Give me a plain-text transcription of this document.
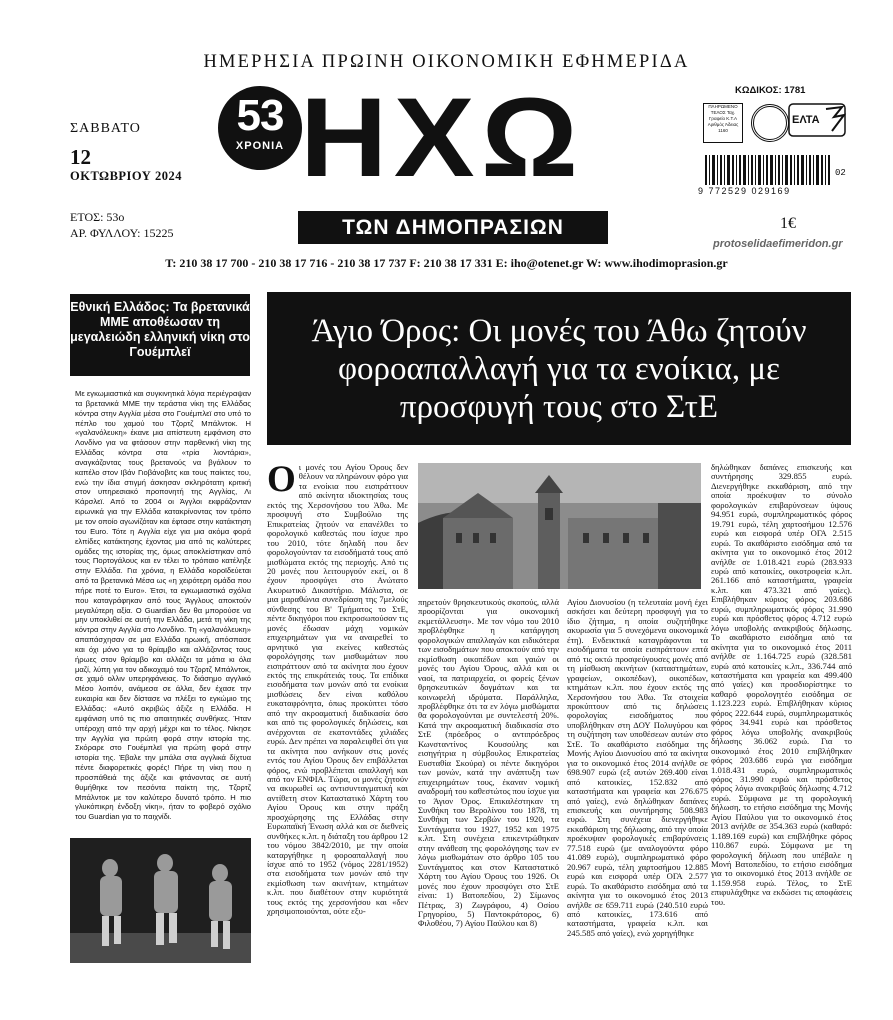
ΗΜΕΡΗΣΙΑ ΠΡΩΙΝΗ ΟΙΚΟΝΟΜΙΚΗ ΕΦΗΜΕΡΙΔΑ
ΣΑΒΒΑΤΟ
12
ΟΚΤΩΒΡΙΟΥ 2024
ΕΤΟΣ: 53ο
ΑΡ. ΦΥΛΛΟΥ: 15225
53
ΧΡΟΝΙΑ ΗΧΩ
ΤΩΝ ΔΗΜΟΠΡΑΣΙΩΝ
ΚΩΔΙΚΟΣ: 1781
ΠΛΗΡΩΜΕΝΟ ΤΕΛΟΣ Ταχ. Γραφείο Κ.Τ.Α Αριθμός Άδειας 1160
ΕΛΤΑ
02
9 772529 029169
1€
protoselidaefimeridon.gr
T: 210 38 17 700 - 210 38 17 716 - 210 38 17 737 F: 210 38 17 331 E: iho@otenet.gr W: www.ihodimoprasion.gr
Εθνική Ελλάδος: Τα βρετανικά ΜΜΕ αποθέωσαν τη μεγαλειώδη ελληνική νίκη στο Γουέμπλεϊ
Με εγκωμιαστικά και συγκινητικά λόγια περιέγραψαν τα βρετανικά ΜΜΕ την τεράστια νίκη της Ελλάδας κόντρα στην Αγγλία μέσα στο Γουέμπλεϊ στο υπό το πέπλο του χαμού του Τζορτζ Μπάλντοκ. Η «γαλανόλευκη» έκανε μια απίστευτη εμφάνιση στο Λονδίνο για να φτάσουν στην παρθενική νίκη της Ελλάδας κόντρα στα «τρία λιοντάρια», αναγκάζοντας τους βρετανούς να βγάλουν το καπέλο στον Ιβάν Γιοβάνοβιτς και τους παίκτες του, ενώ την ίδια στιγμή άσκησαν σκληρότατη κριτική στον υπηρεσιακό προπονητή της Αγγλίας, Λι Κάρσλεϊ. Από το 2004 οι Άγγλοι εκφράζονταν ειρωνικά για την Ελλάδα κατακρίνοντας τον τρόπο με τον οποίο αγωνίζόταν και έφτασε στην κατάκτηση του Euro. Τότε η Αγγλία είχε για μια ακόμα φορά ελπίδες κατάκτησης έχοντας μια από τις καλύτερες ομάδες της ιστορίας της, όμως αποκλείστηκαν από τους Πορτογάλους και εν τέλει το τρόπαιο κατέληξε στην Ελλάδα. Για χρόνια, η Ελλάδα κοροϊδεύεται από τα βρετανικά Μέσα ως «η χειρότερη ομάδα που πήρε ποτέ το Euro». Έτσι, τα εγκωμιαστικά σχόλια που καταγράφηκαν από τους Άγγλους αποκτούν μεγαλύτερη αξία. Ο Guardian δεν θα μπορούσε να μην υποκλιθεί σε αυτή την Ελλάδα, μετά τη νίκη της κόντρα στην Αγγλία στο Λονδίνο. Τη «γαλανόλευκη» απαπάσχησαν σε μια Ελλάδα ηρωική, απόσπασε και όχι μόνο για το θρίαμβο και αλλάζοντας τους ήρωες στον θρίαμβο και αλλάζει τα μάτια κι όλα μαζί, λύπη για τον αδικοχαμό του Τζορτζ Μπάλντοκ, σε χαμό ολλιν υπερηφάνειας. Το διάσημο αγγλικό Μέσο λοιπόν, ανάμεσα σε άλλα, δεν έχασε την ευκαιρία και δεν δίστασε να πλέξει το εγκώμιο της Ελλάδας: «Αυτό ακριβώς άξιζε η Ελλάδα. Η εμφάνιση υπό τις πιο απαιτητικές συνθήκες. Ήταν υπέροχη από την αρχή μέχρι και το τέλος. Νίκησε την Αγγλία για πρώτη φορά στην ιστορία της. Σκόραρε στο Γουέμπλεϊ για πρώτη φορά στην ιστορία της. Έβαλε την μπάλα στα αγγλικά δίχτυα πέντε διαφορετικές φορές! Πήρε τη νίκη που η προσπάθειά της άξιζε και φτάνοντας σε αυτή θυμήθηκε τον πεσόντα παίκτη της, Τζορτζ Μπάλντοκ με τον καλύτερο δυνατό τρόπο. Η πιο γλυκόπικρη ένδοξη νίκη», ήταν το φοβερό σχόλιο του Guardian για το παιχνίδι.
Άγιο Όρος: Οι μονές του Άθω ζητούν φοροαπαλλαγή για τα ενοίκια, με προσφυγή τους στο ΣτΕ
Οι μονές του Αγίου Όρους δεν θέλουν να πληρώνουν φόρο για τα ενοίκια που εισπράττουν από ακίνητα ιδιοκτησίας τους εκτός της Χερσονήσου του Άθω. Με προσφυγή στο Συμβούλιο της Επικρατείας ζητούν να επανέλθει το φορολογικό καθεστώς που ίσχυε προ του 2010, τότε δηλαδή που δεν φορολογούνταν τα εισοδήματά τους από μισθώματα εκτός της περιοχής. Από τις 20 μονές που λειτουργούν εκεί, οι 8 έχουν προσφύγει στο Ανώτατο Ακυρωτικό Δικαστήριο. Μάλιστα, σε μια μαραθώνια συνεδρίαση της 7μελούς σύνθεσης του Β' Τμήματος το ΣτΕ, πέντε δικηγόροι που εκπροσωπούσαν τις μονές έδωσαν μάχη νομικών επιχειρημάτων για να αναιρεθεί το αρνητικό για εκείνες καθεστώς φορολόγησης των μισθωμάτων που εισπράττουν από τα ακίνητα που έχουν εκτός της επικράτειάς τους. Τα επίδικα εισοδήματα των μονών από τα ενοίκια μισθώσεις δεν είναι καθόλου ευκαταφρόνητα, όπως προκύπτει τόσο από την ακροαματική διαδικασία όσο και από τις φορολογικές δηλώσεις, και ανέρχονται σε εκατοντάδες χιλιάδες ευρώ. Δεν πρέπει να παραλειφθεί ότι για τα ακίνητα που ανήκουν στις μονές εντός του Αγίου Όρους δεν επιβάλλεται φόρος, ενώ προβλέπεται απαλλαγή και από τον ΕΝΦΙΑ. Τώρα, οι μονές ζητούν να ακυρωθεί ως αντισυνταγματική και αντίθετη στον Καταστατικό Χάρτη του Αγίου Όρους και στην πράξη προσχώρησης της Ελλάδας στην Ευρωπαϊκή Ένωση αλλά και σε διεθνείς συνθήκες κ.λπ. η διάταξη του άρθρου 12 του νόμου 3842/2010, με την οποία καταργήθηκε η φοροαπαλλαγή που ίσχυε από το 1952 (νόμος 2281/1952) στα εισοδήματα των μονών από την εκμίσθωση των ακινήτων, κτημάτων κ.λπ. που διαθέτουν στην κυριότητά τους εκτός της χερσονήσου και «δεν χρησιμοποιούνται, ούτε εξυ-
πηρετούν θρησκευτικούς σκοπούς, αλλά προορίζονται για οικονομική εκμετάλλευση». Με τον νόμο του 2010 προβλέφθηκε η κατάργηση φορολογικών απαλλαγών και ειδικότερα των εισοδημάτων που αποκτούν από την εκμίσθωση οικοπέδων και γαιών οι μονές του Αγίου Όρους, αλλά και οι ναοί, τα πατριαρχεία, οι φορείς ξένων θρησκευτικών δογμάτων και τα κοινωφελή ιδρύματα. Παράλληλα, προβλέφθηκε ότι τα εν λόγω μισθώματα θα φορολογούνται με συντελεστή 20%. Κατά την ακροαματική διαδικασία στο ΣτΕ (πρόεδρος ο αντιπρόεδρος Κωνσταντίνος Κουσούλης και εισηγήτρια η σύμβουλος Επικρατείας Ευσταθία Σκούρα) οι πέντε δικηγόροι των μονών, κατά την ανάπτυξη των επιχειρημάτων τους, έκαναν νομική αναδρομή του καθεστώτος που ίσχυε για το Άγιον Όρος. Επικαλέστηκαν τη Συνθήκη του Βερολίνου του 1878, τη Συνθήκη των Σερβών του 1920, τα Συντάγματα του 1927, 1952 και 1975 κ.λπ. Στη συνέχεια επικεντρώθηκαν στην ανάθεση της φορολόγησης των εν λόγω μισθωμάτων στο άρθρο 105 του Συντάγματος και στον Καταστατικό Χάρτη του Αγίου Όρους του 1926. Οι μονές που έχουν προσφύγει στο ΣτΕ είναι: 1) Βατοπεδίου, 2) Σίμωνος Πέτρας, 3) Ζωγράφου, 4) Οσίου Γρηγορίου, 5) Παντοκράτορος, 6) Φιλοθέου, 7) Αγίου Παύλου και 8)
Αγίου Διονυσίου (η τελευταία μονή έχει ασκήσει και δεύτερη προσφυγή για το ίδιο ζήτημα, η οποία συζητήθηκε ακυρωσία για 5 συνεχόμενα οικονομικά έτη). Ενδεικτικά καταγράφονται τα εισοδήματα τα οποία εισπράττουν επτά από τις οκτώ προσφεύγουσες μονές από τη μίσθωση ακινήτων (καταστημάτων, γραφείων, οικοπέδων), οικοπέδων, κτημάτων κ.λπ. που έχουν εκτός της Χερσονήσου του Άθω. Τα στοιχεία προκύπτουν από τις δηλώσεις φορολογίας εισοδήματος που υποβλήθηκαν στη ΔΟΥ Πολυγύρου και τη συζήτηση των υποθέσεων αυτών στο ΣτΕ. Το ακαθάριστο εισόδημα της Μονής Αγίου Διονυσίου από τα ακίνητα για το οικονομικό έτος 2014 ανήλθε σε 698.907 ευρώ (εξ αυτών 269.400 είναι από κατοικίες, 152.832 από καταστήματα και γραφεία και 276.675 από γαίες), ενώ δηλώθηκαν δαπάνες επισκευής και συντήρησης 508.983 ευρώ. Στη συνέχεια διενεργήθηκε εκκαθάριση της δήλωσης, από την οποία προέκυψαν φορολογικές επιβαρύνσεις 77.518 ευρώ (με αναλογούντα φόρο 41.089 ευρώ), συμπληρωματικό φόρο 20.967 ευρώ, τέλη χαρτοσήμου 12.885 ευρώ και εισφορά υπέρ ΟΓΑ 2.577 ευρώ. Το ακαθάριστο εισόδημα από τα ακίνητα για το οικονομικό έτος 2013 ανήλθε σε 659.711 ευρώ (240.510 ευρώ από κατοικίες, 173.616 από καταστήματα, γραφεία κ.λπ. και 245.585 από γαίες), ενώ χορηγήθηκε
δηλώθηκαν δαπάνες επισκευής και συντήρησης 329.855 ευρώ. Διενεργήθηκε εκκαθάριση, από την οποία προέκυψαν το σύνολο φορολογικών επιβαρύνσεων ύψους 94.951 ευρώ, συμπληρωματικός φόρος 19.791 ευρώ, τέλη χαρτοσήμου 12.576 ευρώ και εισφορά υπέρ ΟΓΑ 2.515 ευρώ. Το ακαθάριστο εισόδημα από τα ακίνητα για το οικονομικό έτος 2012 ανήλθε σε 1.018.421 ευρώ (283.933 ευρώ από κατοικίες, οικοτροφεία κ.λπ. 261.166 από καταστήματα, γραφεία κ.λπ. και 473.321 από γαίες). Επιβλήθηκαν κύριος φόρος 203.686 ευρώ, συμπληρωματικός φόρος 31.990 ευρώ και πρόσθετος φόρος 4.712 ευρώ λόγω υποβολής ανακριβούς δήλωσης. Το ακαθάριστο εισόδημα από τα ακίνητα για το οικονομικό έτος 2011 ανήλθε σε 1.164.725 ευρώ (328.581 ευρώ από κατοικίες κ.λπ., 336.744 από καταστήματα και γραφεία και 499.400 από γαίες) και προσδιορίστηκε το καθαρό φορολογητέο εισόδημα σε 1.123.223 ευρώ. Επιβλήθηκαν κύριος φόρος 222.644 ευρώ, συμπληρωματικός φόρος 34.941 ευρώ και πρόσθετος φόρος λόγω υποβολής ανακριβούς δήλωσης 36.062 ευρώ. Για το οικονομικό έτος 2010 επιβλήθηκαν φόρος 203.686 ευρώ για εισόδημα 1.018.431 ευρώ, συμπληρωματικός φόρος 31.990 ευρώ και πρόσθετος φόρος λόγω ανακριβούς δήλωσης 4.712 ευρώ. Σύμφωνα με τη φορολογική δήλωση, το ετήσιο εισόδημα της Μονής Αγίου Παύλου για το οικονομικό έτος 2013 ανήλθε σε 354.363 ευρώ (καθαρό: 1.189.169 ευρώ) και επιβλήθηκε φόρος 110.867 ευρώ. Σύμφωνα με τη φορολογική δήλωση που υπέβαλε η Μονή Βατοπεδίου, το ετήσιο εισόδημα για το οικονομικό έτος 2013 ανήλθε σε 1.159.958 ευρώ. Τέλος, το ΣτΕ επιφυλάχθηκε να εκδώσει τις αποφάσεις του.
